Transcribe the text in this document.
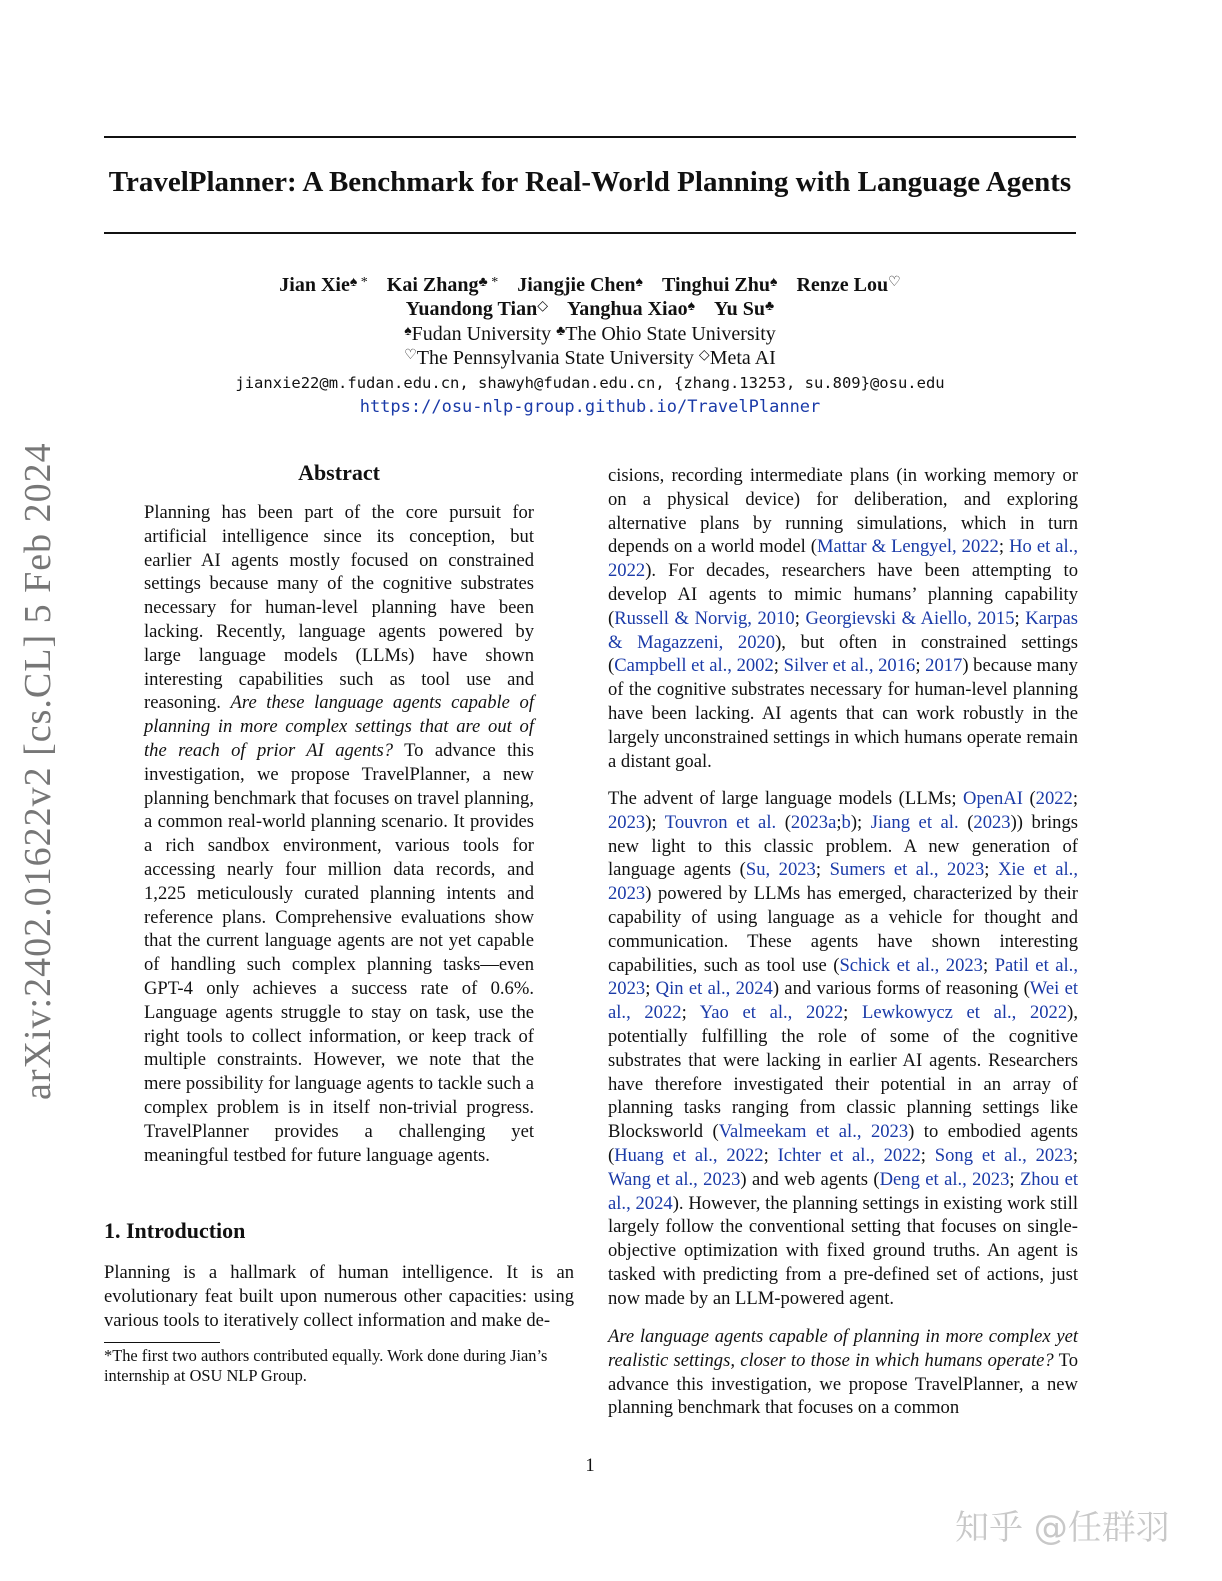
TravelPlanner: A Benchmark for Real-World Planning with Language Agents
Jian Xie♠ * Kai Zhang♣ * Jiangjie Chen♠ Tinghui Zhu♠ Renze Lou♡
Yuandong Tian◇ Yanghua Xiao♠ Yu Su♣
♠Fudan University ♣The Ohio State University
♡The Pennsylvania State University ◇Meta AI
jianxie22@m.fudan.edu.cn, shawyh@fudan.edu.cn, {zhang.13253, su.809}@osu.edu
https://osu-nlp-group.github.io/TravelPlanner
arXiv:2402.01622v2 [cs.CL] 5 Feb 2024	Abstract

Planning has been part of the core pursuit for artificial intelligence since its conception, but earlier AI agents mostly focused on constrained settings because many of the cognitive substrates necessary for human-level planning have been lacking. Recently, language agents powered by large language models (LLMs) have shown interesting capabilities such as tool use and reasoning. Are these language agents capable of planning in more complex settings that are out of the reach of prior AI agents? To advance this investigation, we propose TravelPlanner, a new planning benchmark that focuses on travel planning, a common real-world planning scenario. It provides a rich sandbox environment, various tools for accessing nearly four million data records, and 1,225 meticulously curated planning intents and reference plans. Comprehensive evaluations show that the current language agents are not yet capable of handling such complex planning tasks—even GPT-4 only achieves a success rate of 0.6%. Language agents struggle to stay on task, use the right tools to collect information, or keep track of multiple constraints. However, we note that the mere possibility for language agents to tackle such a complex problem is in itself non-trivial progress. TravelPlanner provides a challenging yet meaningful testbed for future language agents.

1. Introduction

Planning is a hallmark of human intelligence. It is an evolutionary feat built upon numerous other capacities: using various tools to iteratively collect information and make de-

*The first two authors contributed equally. Work done during Jian’s internship at OSU NLP Group.

cisions, recording intermediate plans (in working memory or on a physical device) for deliberation, and exploring alternative plans by running simulations, which in turn depends on a world model (Mattar & Lengyel, 2022; Ho et al., 2022). For decades, researchers have been attempting to develop AI agents to mimic humans’ planning capability (Russell & Norvig, 2010; Georgievski & Aiello, 2015; Karpas & Magazzeni, 2020), but often in constrained settings (Campbell et al., 2002; Silver et al., 2016; 2017) because many of the cognitive substrates necessary for human-level planning have been lacking. AI agents that can work robustly in the largely unconstrained settings in which humans operate remain a distant goal.

The advent of large language models (LLMs; OpenAI (2022; 2023); Touvron et al. (2023a;b); Jiang et al. (2023)) brings new light to this classic problem. A new generation of language agents (Su, 2023; Sumers et al., 2023; Xie et al., 2023) powered by LLMs has emerged, characterized by their capability of using language as a vehicle for thought and communication. These agents have shown interesting capabilities, such as tool use (Schick et al., 2023; Patil et al., 2023; Qin et al., 2024) and various forms of reasoning (Wei et al., 2022; Yao et al., 2022; Lewkowycz et al., 2022), potentially fulfilling the role of some of the cognitive substrates that were lacking in earlier AI agents. Researchers have therefore investigated their potential in an array of planning tasks ranging from classic planning settings like Blocksworld (Valmeekam et al., 2023) to embodied agents (Huang et al., 2022; Ichter et al., 2022; Song et al., 2023; Wang et al., 2023) and web agents (Deng et al., 2023; Zhou et al., 2024). However, the planning settings in existing work still largely follow the conventional setting that focuses on single-objective optimization with fixed ground truths. An agent is tasked with predicting from a pre-defined set of actions, just now made by an LLM-powered agent.

Are language agents capable of planning in more complex yet realistic settings, closer to those in which humans operate? To advance this investigation, we propose TravelPlanner, a new planning benchmark that focuses on a common

1
知乎 @任群羽
